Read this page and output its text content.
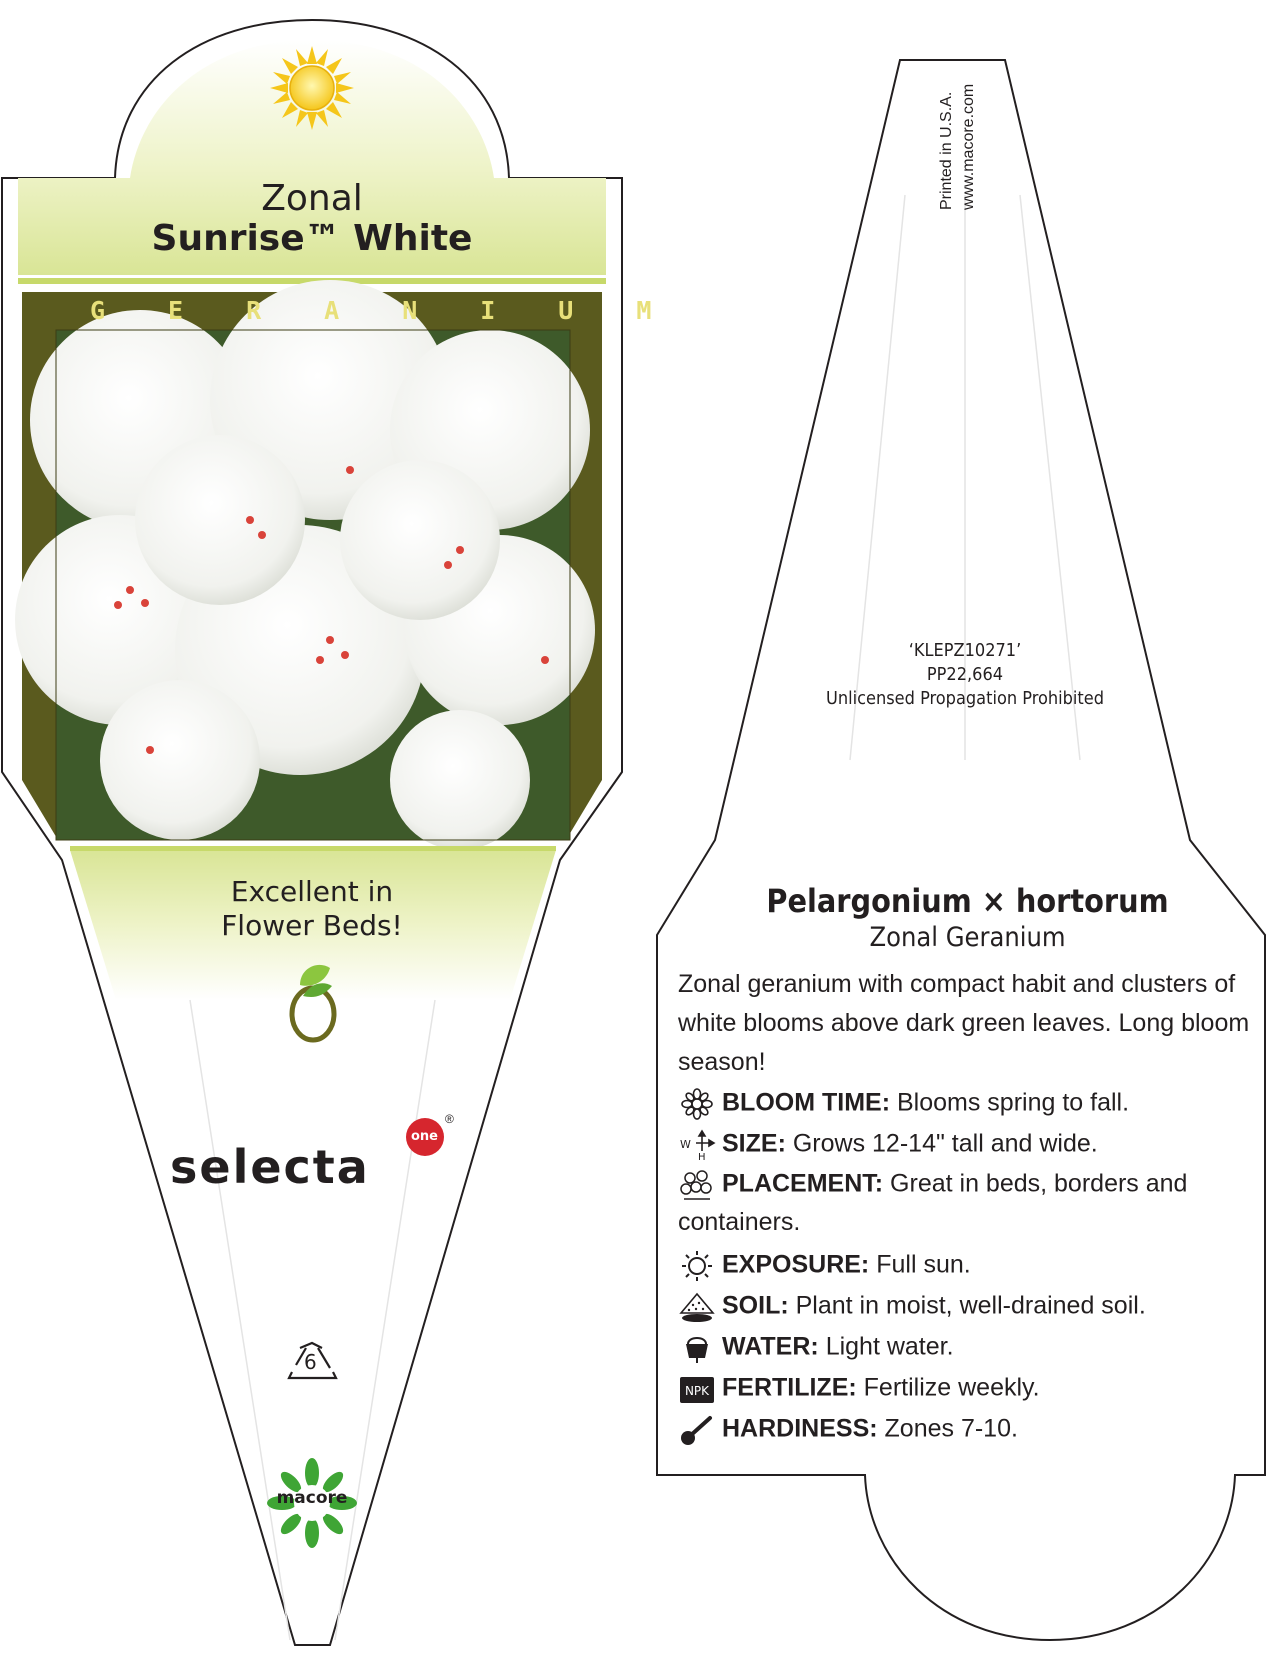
Zonal
Sunrise™ White
GERANIUM
Excellent in
Flower Beds!
selecta
one
®
6
macore
Printed in U.S.A. www.macore.com
‘KLEPZ10271’
PP22,664
Unlicensed Propagation Prohibited
Pelargonium × hortorum
Zonal Geranium
Zonal geranium with compact habit and clusters of
white blooms above dark green leaves. Long bloom
season!
BLOOM TIME: Blooms spring to fall.
W
H SIZE: Grows 12-14" tall and wide.
PLACEMENT: Great in beds, borders and
containers.
EXPOSURE: Full sun.
SOIL: Plant in moist, well-drained soil.
WATER: Light water.
NPK FERTILIZE: Fertilize weekly.
HARDINESS: Zones 7-10.
